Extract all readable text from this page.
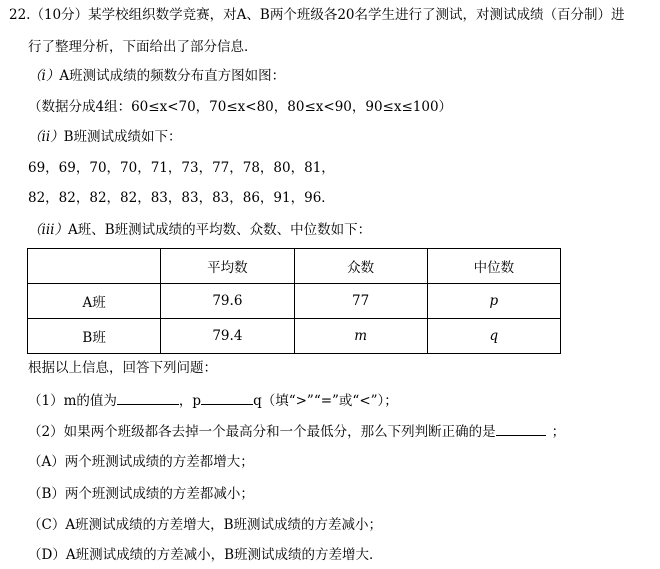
22.（10分）某学校组织数学竞赛，对A、B两个班级各20名学生进行了测试，对测试成绩（百分制）进
行了整理分析，下面给出了部分信息．
（i）A班测试成绩的频数分布直方图如图：
（数据分成4组：60≤x<70，70≤x<80，80≤x<90，90≤x≤100）
（ii）B班测试成绩如下：
69，69，70，70，71，73，77，78，80，81，
82，82，82，82，83，83，83，86，91，96．
（iii）A班、B班测试成绩的平均数、众数、中位数如下：
	平均数	众数	中位数
A班	79.6	77	p
B班	79.4	m	q
根据以上信息，回答下列问题：
（1）m的值为	，p	q（填“>”“=”或“<”）；
（2）如果两个班级都各去掉一个最高分和一个最低分，那么下列判断正确的是	；
（A）两个班测试成绩的方差都增大；
（B）两个班测试成绩的方差都减小；
（C）A班测试成绩的方差增大，B班测试成绩的方差减小；
（D）A班测试成绩的方差减小，B班测试成绩的方差增大．
